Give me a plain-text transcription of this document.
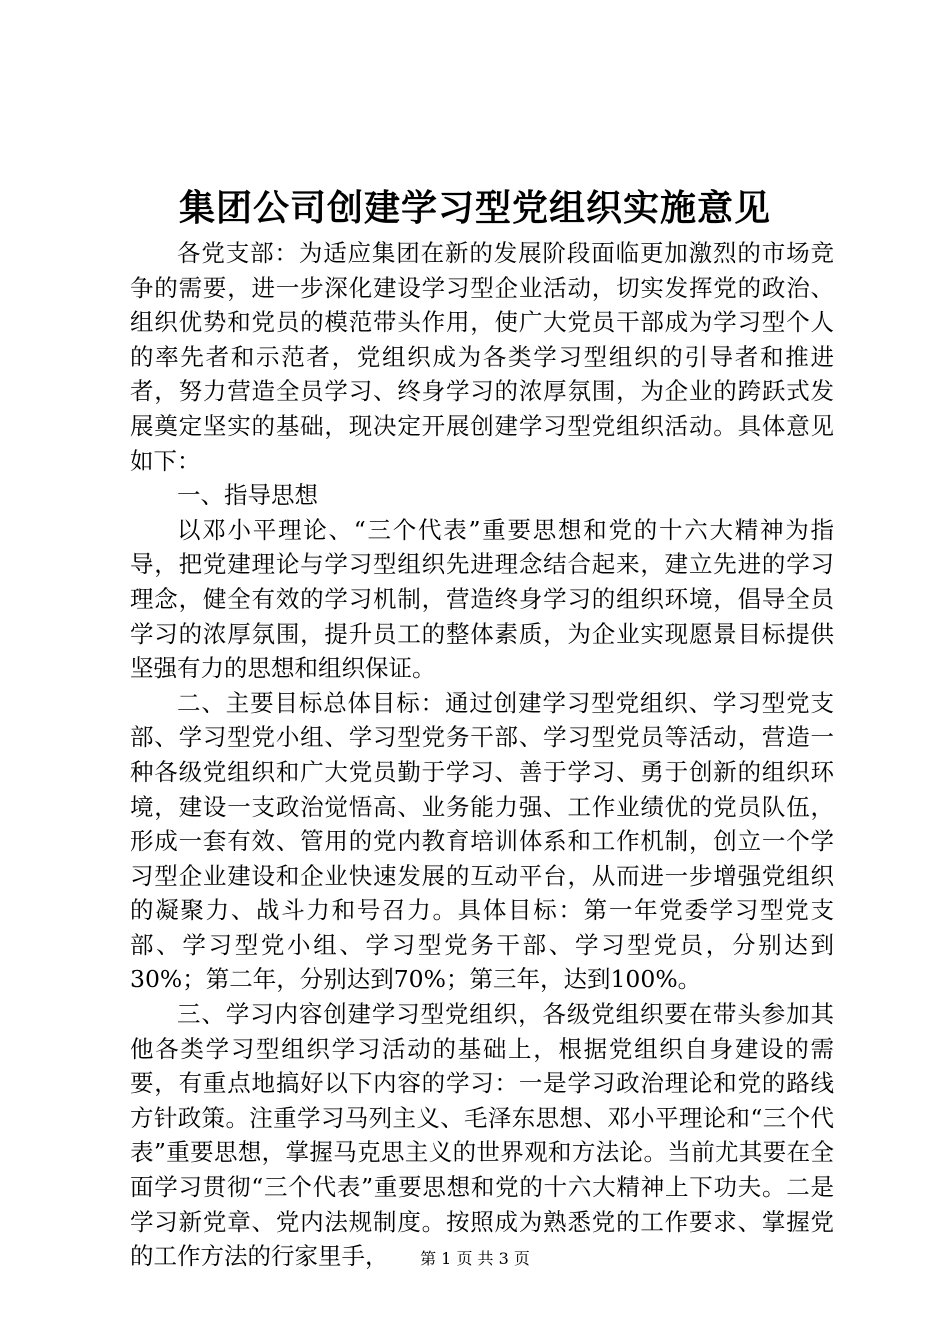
集团公司创建学习型党组织实施意见

各党支部：为适应集团在新的发展阶段面临更加激烈的市场竞争的需要，进一步深化建设学习型企业活动，切实发挥党的政治、组织优势和党员的模范带头作用，使广大党员干部成为学习型个人的率先者和示范者，党组织成为各类学习型组织的引导者和推进者，努力营造全员学习、终身学习的浓厚氛围，为企业的跨跃式发展奠定坚实的基础，现决定开展创建学习型党组织活动。具体意见如下：

一、指导思想

以邓小平理论、“三个代表”重要思想和党的十六大精神为指导，把党建理论与学习型组织先进理念结合起来，建立先进的学习理念，健全有效的学习机制，营造终身学习的组织环境，倡导全员学习的浓厚氛围，提升员工的整体素质，为企业实现愿景目标提供坚强有力的思想和组织保证。

二、主要目标总体目标：通过创建学习型党组织、学习型党支部、学习型党小组、学习型党务干部、学习型党员等活动，营造一种各级党组织和广大党员勤于学习、善于学习、勇于创新的组织环境，建设一支政治觉悟高、业务能力强、工作业绩优的党员队伍，形成一套有效、管用的党内教育培训体系和工作机制，创立一个学习型企业建设和企业快速发展的互动平台，从而进一步增强党组织的凝聚力、战斗力和号召力。具体目标：第一年党委学习型党支部、学习型党小组、学习型党务干部、学习型党员，分别达到30%；第二年，分别达到70%；第三年，达到100%。

三、学习内容创建学习型党组织，各级党组织要在带头参加其他各类学习型组织学习活动的基础上，根据党组织自身建设的需要，有重点地搞好以下内容的学习：一是学习政治理论和党的路线方针政策。注重学习马列主义、毛泽东思想、邓小平理论和“三个代表”重要思想，掌握马克思主义的世界观和方法论。当前尤其要在全面学习贯彻“三个代表”重要思想和党的十六大精神上下功夫。二是学习新党章、党内法规制度。按照成为熟悉党的工作要求、掌握党的工作方法的行家里手，	第 1 页 共 3 页
